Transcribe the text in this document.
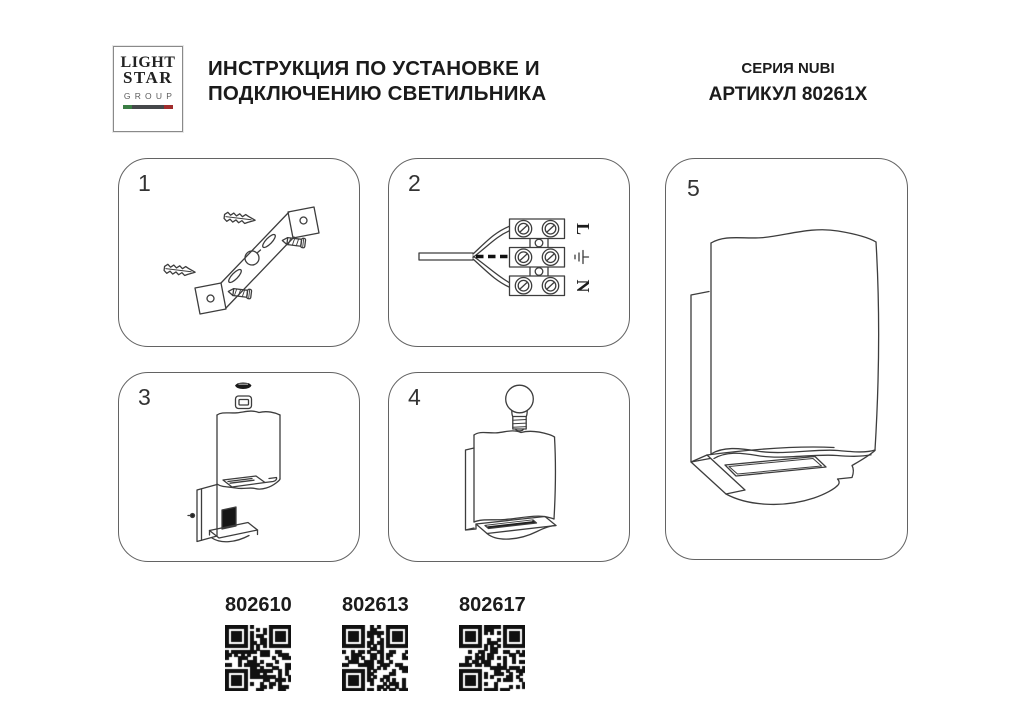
LIGHT
STAR
GROUP
ИНСТРУКЦИЯ ПО УСТАНОВКЕ И
ПОДКЛЮЧЕНИЮ СВЕТИЛЬНИКА
СЕРИЯ NUBI
АРТИКУЛ 80261X
1	2
L
N
3	4
5
802610	802613	802617
